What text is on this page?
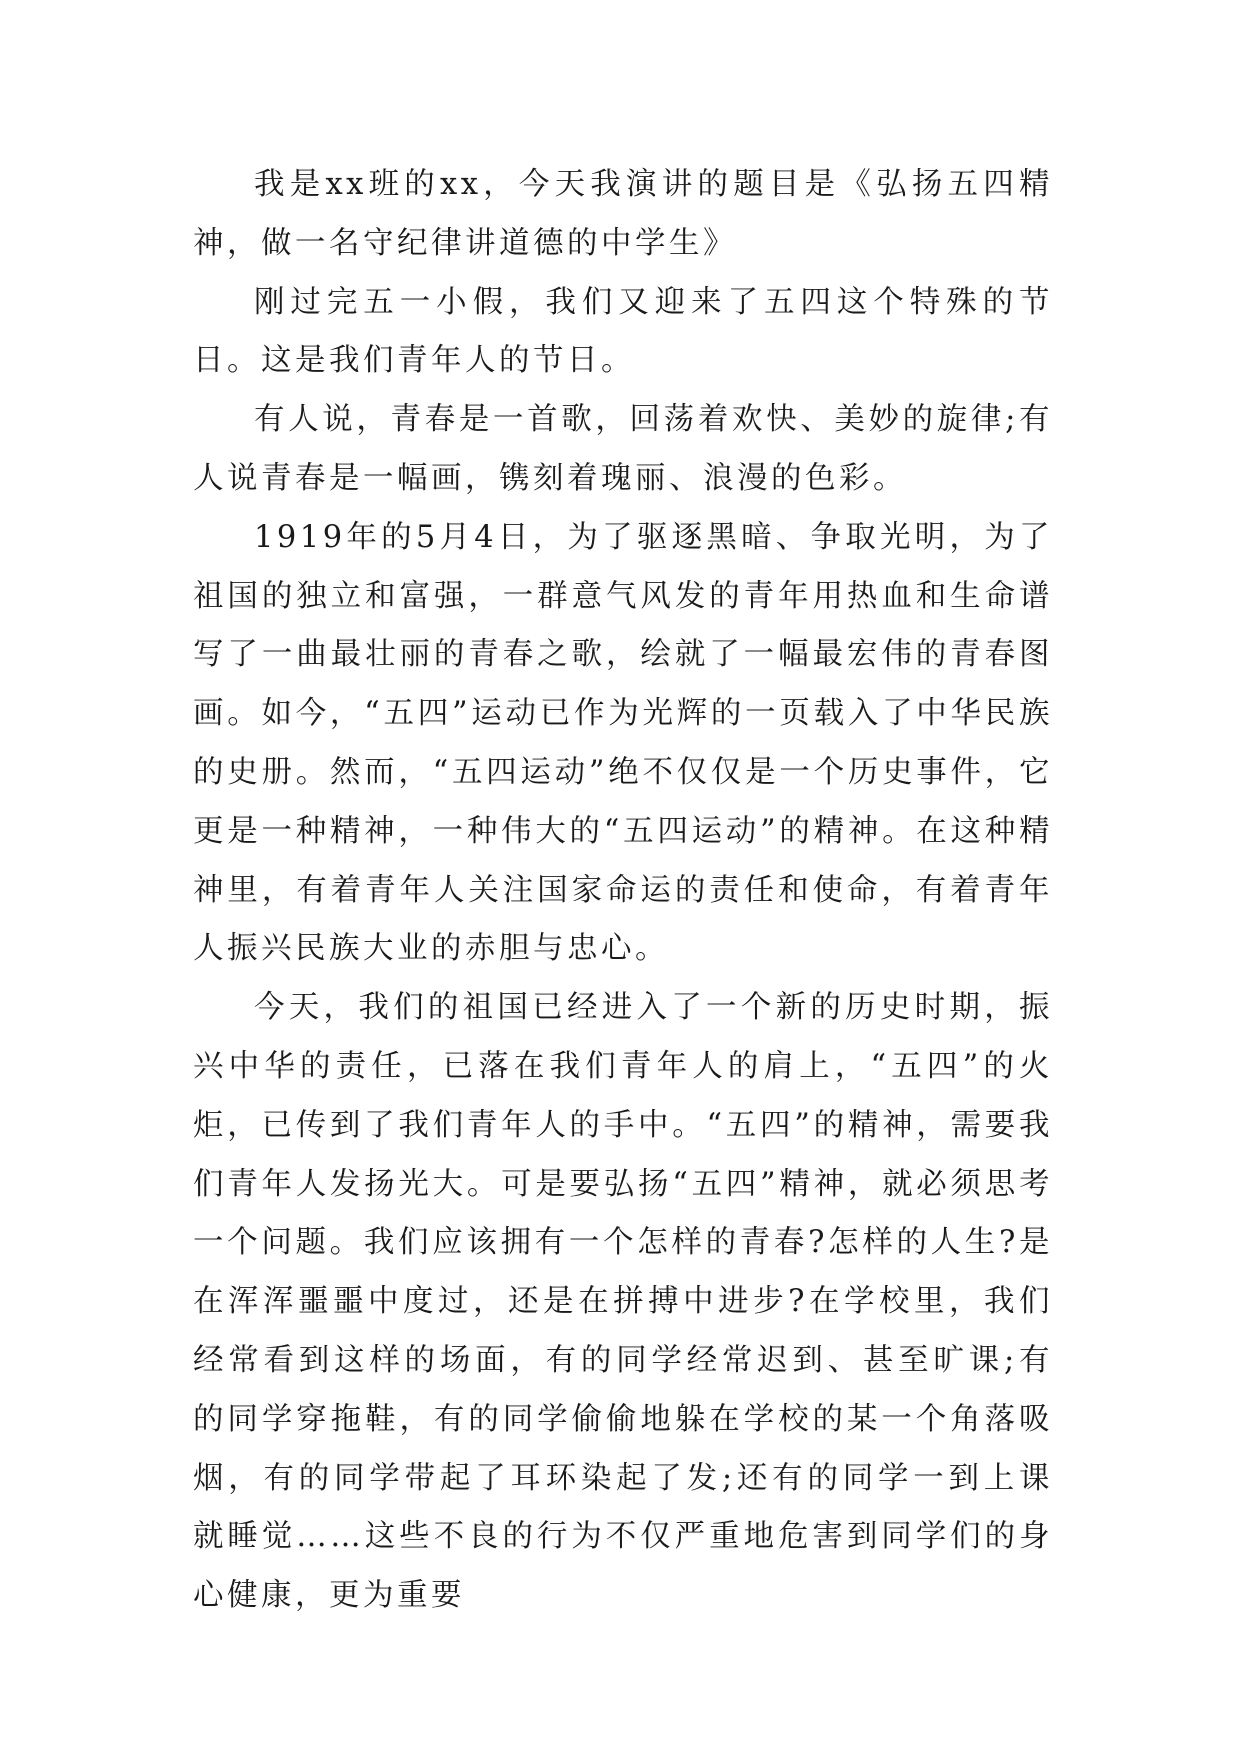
我是xx班的xx，今天我演讲的题目是《弘扬五四精神，做一名守纪律讲道德的中学生》

刚过完五一小假，我们又迎来了五四这个特殊的节日。这是我们青年人的节日。

有人说，青春是一首歌，回荡着欢快、美妙的旋律;有人说青春是一幅画，镌刻着瑰丽、浪漫的色彩。

1919年的5月4日，为了驱逐黑暗、争取光明，为了祖国的独立和富强，一群意气风发的青年用热血和生命谱写了一曲最壮丽的青春之歌，绘就了一幅最宏伟的青春图画。如今，“五四”运动已作为光辉的一页载入了中华民族的史册。然而，“五四运动”绝不仅仅是一个历史事件，它更是一种精神，一种伟大的“五四运动”的精神。在这种精神里，有着青年人关注国家命运的责任和使命，有着青年人振兴民族大业的赤胆与忠心。

今天，我们的祖国已经进入了一个新的历史时期，振兴中华的责任，已落在我们青年人的肩上，“五四”的火炬，已传到了我们青年人的手中。“五四”的精神，需要我们青年人发扬光大。可是要弘扬“五四”精神，就必须思考一个问题。我们应该拥有一个怎样的青春?怎样的人生?是在浑浑噩噩中度过，还是在拼搏中进步?在学校里，我们经常看到这样的场面，有的同学经常迟到、甚至旷课;有的同学穿拖鞋，有的同学偷偷地躲在学校的某一个角落吸烟，有的同学带起了耳环染起了发;还有的同学一到上课就睡觉……这些不良的行为不仅严重地危害到同学们的身心健康，更为重要
